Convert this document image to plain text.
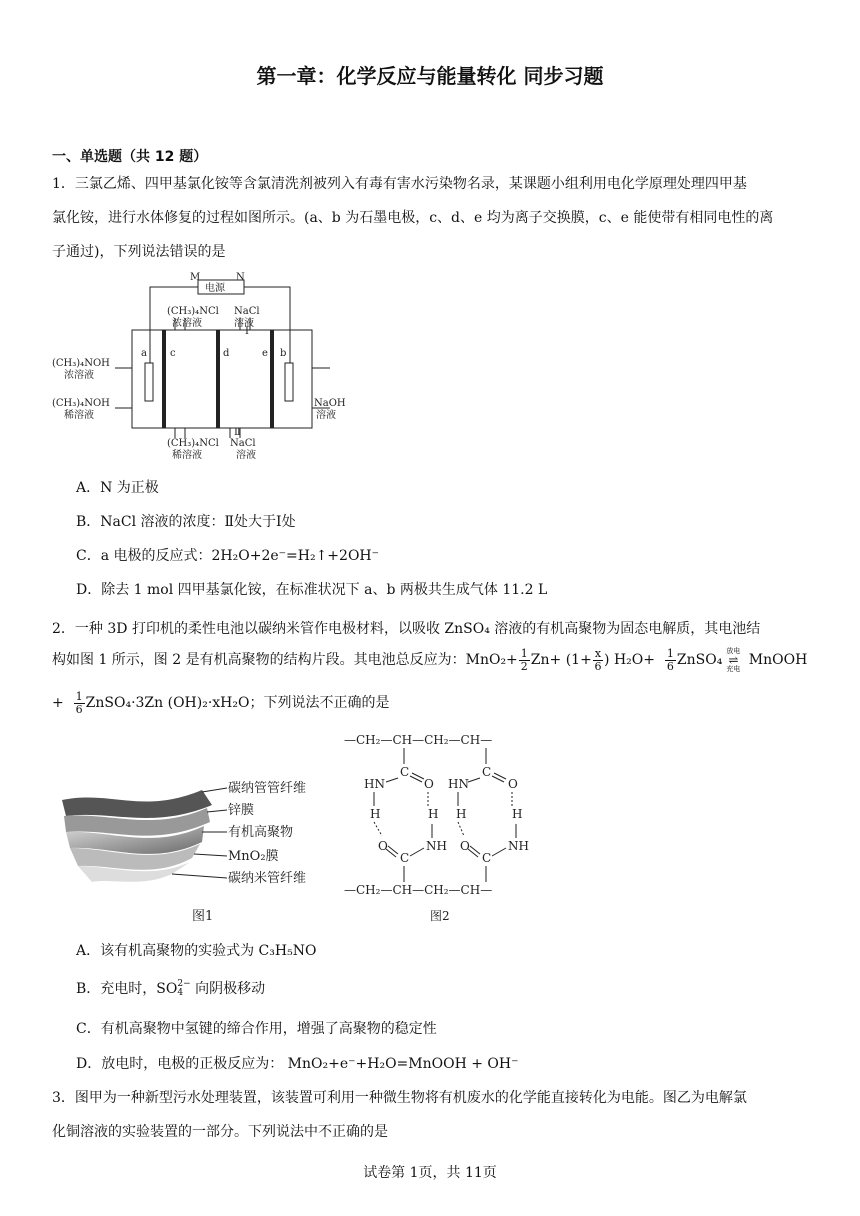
第一章：化学反应与能量转化 同步习题
一、单选题（共 12 题）
1．三氯乙烯、四甲基氯化铵等含氯清洗剂被列入有毒有害水污染物名录，某课题小组利用电化学原理处理四甲基
氯化铵，进行水体修复的过程如图所示。(a、b 为石墨电极，c、d、e 均为离子交换膜，c、e 能使带有相同电性的离
子通过)，下列说法错误的是
M	N
电源
(CH₃)₄NCl
浓溶液
NaCl
溶液
Ⅰ
(CH₃)₄NOH
浓溶液
(CH₃)₄NOH
稀溶液
NaOH
溶液
(CH₃)₄NCl
稀溶液
NaCl
溶液
Ⅱ
a c	d	e b
A．N 为正极
B．NaCl 溶液的浓度：Ⅱ处大于Ⅰ处
C．a 电极的反应式：2H₂O+2e⁻=H₂↑+2OH⁻
D．除去 1 mol 四甲基氯化铵，在标准状况下 a、b 两极共生成气体 11.2 L
2．一种 3D 打印机的柔性电池以碳纳米管作电极材料，以吸收 ZnSO₄ 溶液的有机高聚物为固态电解质，其电池结
构如图 1 所示，图 2 是有机高聚物的结构片段。其电池总反应为：$MnO_2+ \frac{1}{2} Zn+ (1+ \frac{x}{6}$ ) $H_2O+ \frac{1}{6}$ ZnSO₄
放电
⇌
充电
MnOOH
+ $\frac{1}{6}$ ZnSO₄·3Zn (OH)₂·xH₂O；下列说法不正确的是
碳纳管管纤维
锌膜
有机高聚物
MnO₂膜
碳纳米管纤维
图1
—CH₂—CH—CH₂—CH—
C	C
HN	O HN	O
H	H H	H
O	NH O	NH
C	C
—CH₂—CH—CH₂—CH—
图2
A．该有机高聚物的实验式为 C₃H₅NO
B．充电时，SO 2−
4 向阴极移动
C．有机高聚物中氢键的缔合作用，增强了高聚物的稳定性
D．放电时，电极的正极反应为： MnO₂+e⁻+H₂O=MnOOH + OH⁻
3．图甲为一种新型污水处理装置，该装置可利用一种微生物将有机废水的化学能直接转化为电能。图乙为电解氯
化铜溶液的实验装置的一部分。下列说法中不正确的是
试卷第 1页，共 11页
